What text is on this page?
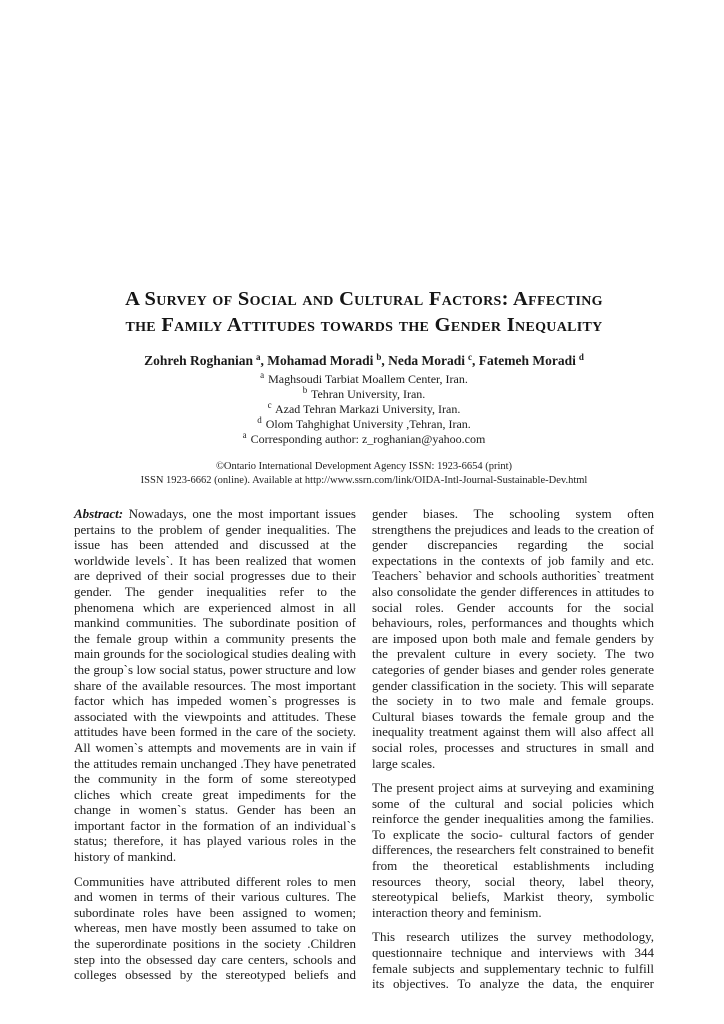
A Survey of Social and Cultural Factors: Affecting
the Family Attitudes towards the Gender Inequality
Zohreh Roghanian $^a$, Mohamad Moradi $^b$, Neda Moradi $^c$, Fatemeh Moradi $^d$
$^a$ Maghsoudi Tarbiat Moallem Center, Iran.
$^b$ Tehran University, Iran.
$^c$ Azad Tehran Markazi University, Iran.
$^d$ Olom Tahghighat University ,Tehran, Iran.
$^a$ Corresponding author: z_roghanian@yahoo.com
©Ontario International Development Agency ISSN: 1923-6654 (print)
ISSN 1923-6662 (online). Available at http://www.ssrn.com/link/OIDA-Intl-Journal-Sustainable-Dev.html

Abstract: Nowadays, one the most important issues pertains to the problem of gender inequalities. The issue has been attended and discussed at the worldwide levels`. It has been realized that women are deprived of their social progresses due to their gender. The gender inequalities refer to the phenomena which are experienced almost in all mankind communities. The subordinate position of the female group within a community presents the main grounds for the sociological studies dealing with the group`s low social status, power structure and low share of the available resources. The most important factor which has impeded women`s progresses is associated with the viewpoints and attitudes. These attitudes have been formed in the care of the society. All women`s attempts and movements are in vain if the attitudes remain unchanged .They have penetrated the community in the form of some stereotyped cliches which create great impediments for the change in women`s status. Gender has been an important factor in the formation of an individual`s status; therefore, it has played various roles in the history of mankind.

Communities have attributed different roles to men and women in terms of their various cultures. The subordinate roles have been assigned to women; whereas, men have mostly been assumed to take on the superordinate positions in the society .Children step into the obsessed day care centers, schools and colleges obsessed by the stereotyped beliefs and

gender biases. The schooling system often strengthens the prejudices and leads to the creation of gender discrepancies regarding the social expectations in the contexts of job family and etc. Teachers` behavior and schools authorities` treatment also consolidate the gender differences in attitudes to social roles. Gender accounts for the social behaviours, roles, performances and thoughts which are imposed upon both male and female genders by the prevalent culture in every society. The two categories of gender biases and gender roles generate gender classification in the society. This will separate the society in to two male and female groups. Cultural biases towards the female group and the inequality treatment against them will also affect all social roles, processes and structures in small and large scales.

The present project aims at surveying and examining some of the cultural and social policies which reinforce the gender inequalities among the families. To explicate the socio- cultural factors of gender differences, the researchers felt constrained to benefit from the theoretical establishments including resources theory, social theory, label theory, stereotypical beliefs, Markist theory, symbolic interaction theory and feminism.

This research utilizes the survey methodology, questionnaire technique and interviews with 344 female subjects and supplementary technic to fulfill its objectives. To analyze the data, the enquirer
